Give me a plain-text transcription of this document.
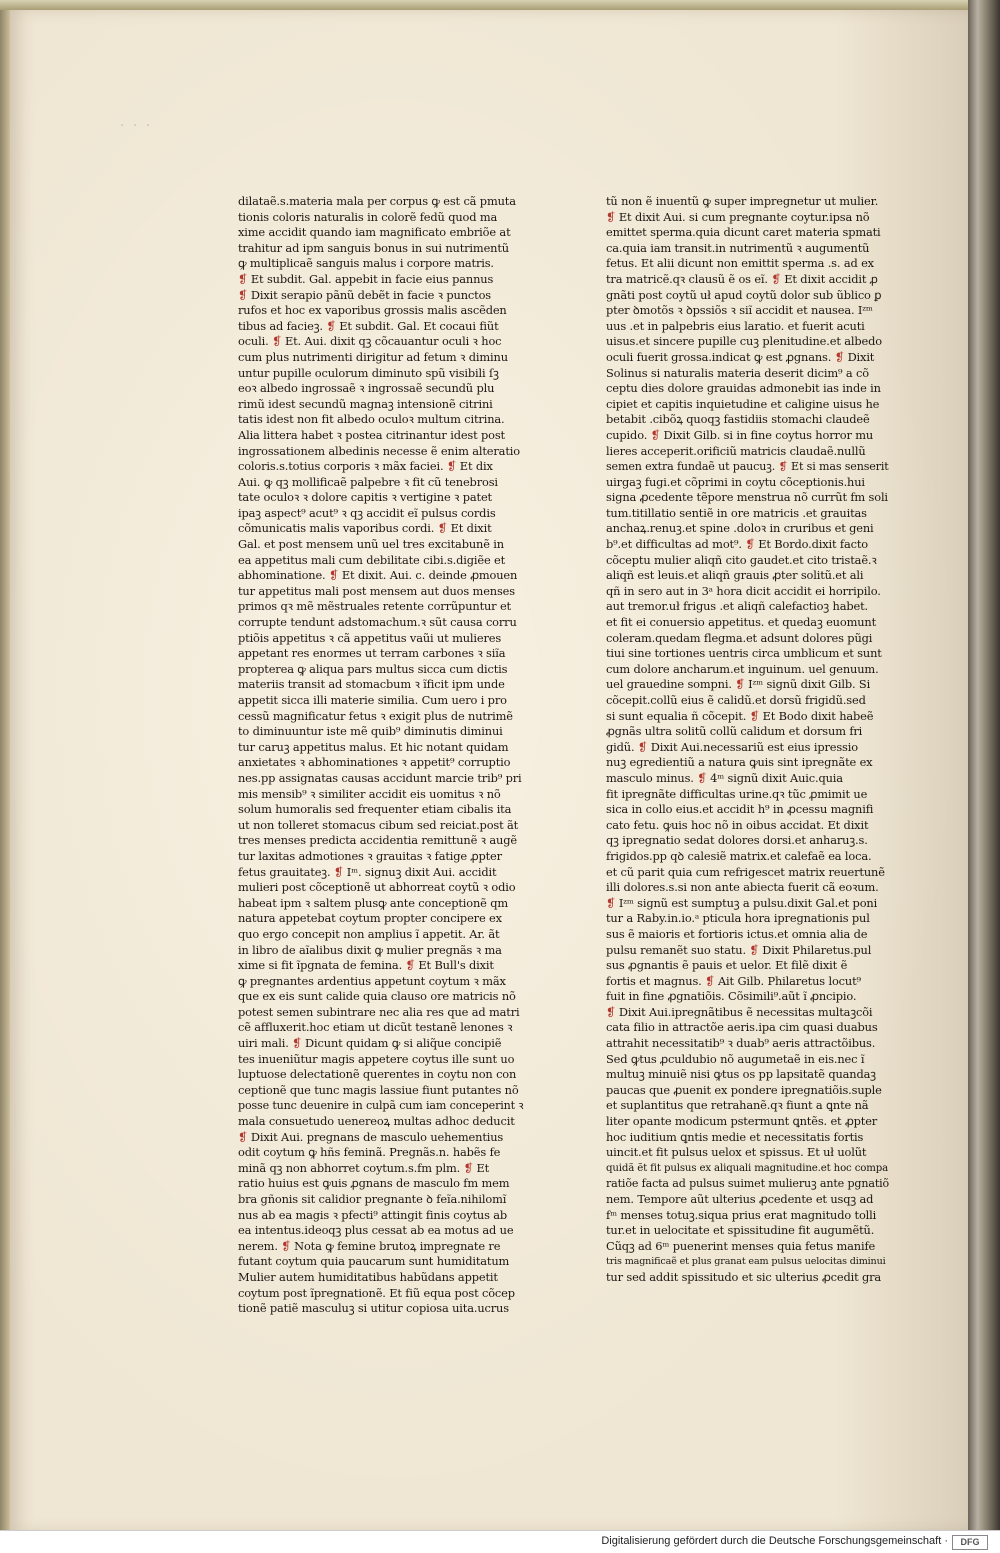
· · ·
dilataẽ.s.materia mala per corpus ꝙ est cã pmuta
tionis coloris naturalis in colorẽ fedũ quod ma
xime accidit quando iam magnificato embriõe at
trahitur ad ipm sanguis bonus in sui nutrimentũ
ꝙ multiplicaẽ sanguis malus i corpore matris.
❡ Et subdit. Gal. appebit in facie eius pannus
❡ Dixit serapio pãnũ debẽt in facie ꝛ punctos
rufos et hoc ex vaporibus grossis malis ascẽden
tibus ad facieꝫ. ❡ Et subdit. Gal. Et cocaui fiũt
oculi. ❡ Et. Aui. dixit qꝫ cõcauantur oculi ꝛ hoc
cum plus nutrimenti dirigitur ad fetum ꝛ diminu
untur pupille oculorum diminuto spũ visibili ſꝫ
eoꝛ albedo ingrossaẽ ꝛ ingrossaẽ secundũ plu
rimũ idest secundũ magnaꝫ intensionẽ citrini
tatis idest non fit albedo oculoꝛ multum citrina.
Alia littera habet ꝛ postea citrinantur idest post
ingrossationem albedinis necesse ẽ enim alteratio
coloris.s.totius corporis ꝛ mãx faciei. ❡ Et dix
Aui. ꝙ qꝫ mollificaẽ palpebre ꝛ fit cũ tenebrosi
tate oculoꝛ ꝛ dolore capitis ꝛ vertigine ꝛ patet
ipaꝫ aspect⁹ acut⁹ ꝛ qꝫ accidit eĩ pulsus cordis
cõmunicatis malis vaporibus cordi. ❡ Et dixit
Gal. et post mensem unũ uel tres excitabunẽ in
ea appetitus mali cum debilitate cibi.s.digiẽe et
abhominatione. ❡ Et dixit. Aui. c. deinde ꝓmouen
tur appetitus mali post mensem aut duos menses
primos qꝛ mẽ mẽstruales retente corrũpuntur et
corrupte tendunt adstomachum.ꝛ sũt causa corru
ptiõis appetitus ꝛ cã appetitus vaũi ut mulieres
appetant res enormes ut terram carbones ꝛ siĩa
propterea ꝙ aliqua pars multus sicca cum dictis
materiis transit ad stomacbum ꝛ ĩficit ipm unde
appetit sicca illi materie similia. Cum uero i pro
cessũ magnificatur fetus ꝛ exigit plus de nutrimẽ
to diminuuntur iste mẽ quib⁹ diminutis diminui
tur caruꝫ appetitus malus. Et hic notant quidam
anxietates ꝛ abhominationes ꝛ appetit⁹ corruptio
nes.pp assignatas causas accidunt marcie trib⁹ pri
mis mensib⁹ ꝛ similiter accidit eis uomitus ꝛ nõ
solum humoralis sed frequenter etiam cibalis ita
ut non tolleret stomacus cibum sed reiciat.post ãt
tres menses predicta accidentia remittunẽ ꝛ augẽ
tur laxitas admotiones ꝛ grauitas ꝛ fatige ꝓpter
fetus grauitateꝫ. ❡ Iᵐ. signuꝫ dixit Aui. accidit
mulieri post cõceptionẽ ut abhorreat coytũ ꝛ odio
habeat ipm ꝛ saltem plusꝙ ante conceptionẽ qm
natura appetebat coytum propter concipere ex
quo ergo concepit non amplius ĩ appetit. Ar. ãt
in libro de aĩalibus dixit ꝙ mulier pregnãs ꝛ ma
xime si fit ĩpgnata de femina. ❡ Et Bull's dixit
ꝙ pregnantes ardentius appetunt coytum ꝛ mãx
que ex eis sunt calide quia clauso ore matricis nõ
potest semen subintrare nec alia res que ad matri
cẽ affluxerit.hoc etiam ut dicũt testanẽ lenones ꝛ
uiri mali. ❡ Dicunt quidam ꝙ si aliq̃ue concipiẽ
tes inueniũtur magis appetere coytus ille sunt uo
luptuose delectationẽ querentes in coytu non con
ceptionẽ que tunc magis lassiue fiunt putantes nõ
posse tunc deuenire in culpã cum iam conceperint ꝛ
mala consuetudo uenereoꝝ multas adhoc deducit
❡ Dixit Aui. pregnans de masculo uehementius
odit coytum ꝙ hñs feminã. Pregnãs.n. habẽs fe
minã qꝫ non abhorret coytum.s.fm plm. ❡ Et
ratio huius est ꝙuis ꝓgnans de masculo fm mem
bra gñonis sit calidior pregnante ꝺ feĩa.nihilomĩ
nus ab ea magis ꝛ pfecti⁹ attingit finis coytus ab
ea intentus.ideoqꝫ plus cessat ab ea motus ad ue
nerem. ❡ Nota ꝙ femine brutoꝝ impregnate re
futant coytum quia paucarum sunt humiditatum
Mulier autem humiditatibus habũdans appetit
coytum post ĩpregnationẽ. Et fiũ equa post cõcep
tionẽ patiẽ masculuꝫ si utitur copiosa uita.ucrus
tũ non ẽ inuentũ ꝙ super impregnetur ut mulier.
❡ Et dixit Aui. si cum pregnante coytur.ipsa nõ
emittet sperma.quia dicunt caret materia spmati
ca.quia iam transit.in nutrimentũ ꝛ augumentũ
fetus. Et alii dicunt non emittit sperma .s. ad ex
tra matricẽ.qꝛ clausũ ẽ os eĩ. ❡ Et dixit accidit ꝓ
gnãti post coytũ uł apud coytũ dolor sub ũblico ꝑ
pter ꝺmotõs ꝛ ꝺpssiõs ꝛ siĩ accidit et nausea. Iᶻᵐ
uus .et in palpebris eius laratio. et fuerit acuti
uisus.et sincere pupille cuꝫ plenitudine.et albedo
oculi fuerit grossa.indicat ꝙ est ꝓgnans. ❡ Dixit
Solinus si naturalis materia deserit dicim⁹ a cõ
ceptu dies dolore grauidas admonebit ias inde in
cipiet et capitis inquietudine et caligine uisus he
betabit .cibõꝝ quoqꝫ fastidiis stomachi claudeẽ
cupido. ❡ Dixit Gilb. si in fine coytus horror mu
lieres acceperit.orificiũ matricis claudaẽ.nullũ
semen extra fundaẽ ut paucuꝫ. ❡ Et si mas senserit
uirgaꝫ fugi.et cõprimi in coytu cõceptionis.hui
signa ꝓcedente tẽpore menstrua nõ currũt fm soli
tum.titillatio sentiẽ in ore matricis .et grauitas
anchaꝝ.renuꝫ.et spine .doloꝛ in cruribus et geni
b⁹.et difficultas ad mot⁹. ❡ Et Bordo.dixit facto
cõceptu mulier aliqñ cito gaudet.et cito tristaẽ.ꝛ
aliqñ est leuis.et aliqñ grauis ꝓter solitũ.et ali
qñ in sero aut in 3ᵃ hora dicit accidit ei horripilo.
aut tremor.uł frigus .et aliqñ calefactioꝫ habet.
et fit ei conuersio appetitus. et quedaꝫ euomunt
coleram.quedam flegma.et adsunt dolores pũgi
tiui sine tortiones uentris circa umblicum et sunt
cum dolore ancharum.et inguinum. uel genuum.
uel grauedine sompni. ❡ Iᶻᵐ signũ dixit Gilb. Si
cõcepit.collũ eius ẽ calidũ.et dorsũ frigidũ.sed
si sunt equalia ñ cõcepit. ❡ Et Bodo dixit habeẽ
ꝓgnãs ultra solitũ collũ calidum et dorsum fri
gidũ. ❡ Dixit Aui.necessariũ est eius ipressio
nuꝫ egredientiũ a natura ꝙuis sint ipregnãte ex
masculo minus. ❡ 4ᵐ signũ dixit Auic.quia
fit ipregnãte difficultas urine.qꝛ tũc ꝓmimit ue
sica in collo eius.et accidit h⁹ in ꝓcessu magnifi
cato fetu. ꝙuis hoc nõ in oibus accidat. Et dixit
qꝫ ipregnatio sedat dolores dorsi.et anharuꝫ.s.
frigidos.pp qꝺ calesiẽ matrix.et calefaẽ ea loca.
et cũ parit quia cum refrigescet matrix reuertunẽ
illi dolores.s.si non ante abiecta fuerit cã eoꝛum.
❡ Iᶻᵐ signũ est sumptuꝫ a pulsu.dixit Gal.et poni
tur a Raby.in.io.ᵃ pticula hora ipregnationis pul
sus ẽ maioris et fortioris ictus.et omnia alia de
pulsu remanẽt suo statu. ❡ Dixit Philaretus.pul
sus ꝓgnantis ẽ pauis et uelor. Et filẽ dixit ẽ
fortis et magnus. ❡ Ait Gilb. Philaretus locut⁹
fuit in fine ꝓgnatiõis. Cõsimili⁹.aũt ĩ ꝓncipio.
❡ Dixit Aui.ipregnãtibus ẽ necessitas multaꝫcõi
cata filio in attractõe aeris.ipa cim quasi duabus
attrahit necessitatib⁹ ꝛ duab⁹ aeris attractõibus.
Sed ꝙtus ꝓculdubio nõ augumetaẽ in eis.nec ĩ
multuꝫ minuiẽ nisi ꝙtus os pp lapsitatẽ quandaꝫ
paucas que ꝓuenit ex pondere ipregnatiõis.suple
et suplantitus que retrahanẽ.qꝛ fiunt a ꝗnte nã
liter opante modicum pstermunt ꝗntẽs. et ꝓpter
hoc iuditium ꝗntis medie et necessitatis fortis
uincit.et fit pulsus uelox et spissus. Et uł uolũt
quidã ẽt fit pulsus ex aliquali magnitudine.et hoc compa
ratiõe facta ad pulsus suimet mulieruꝫ ante pgnatiõ
nem. Tempore aũt ulterius ꝓcedente et usqꝫ ad
fᵐ menses totuꝫ.siqua prius erat magnitudo tolli
tur.et in uelocitate et spissitudine fit augumẽtũ.
Cũqꝫ ad 6ᵐ puenerint menses quia fetus manife
tris magnificaẽ et plus granat eam pulsus uelocitas diminui
tur sed addit spissitudo et sic ulterius ꝓcedit gra
Digitalisierung gefördert durch die Deutsche Forschungsgemeinschaft ·	DFG
